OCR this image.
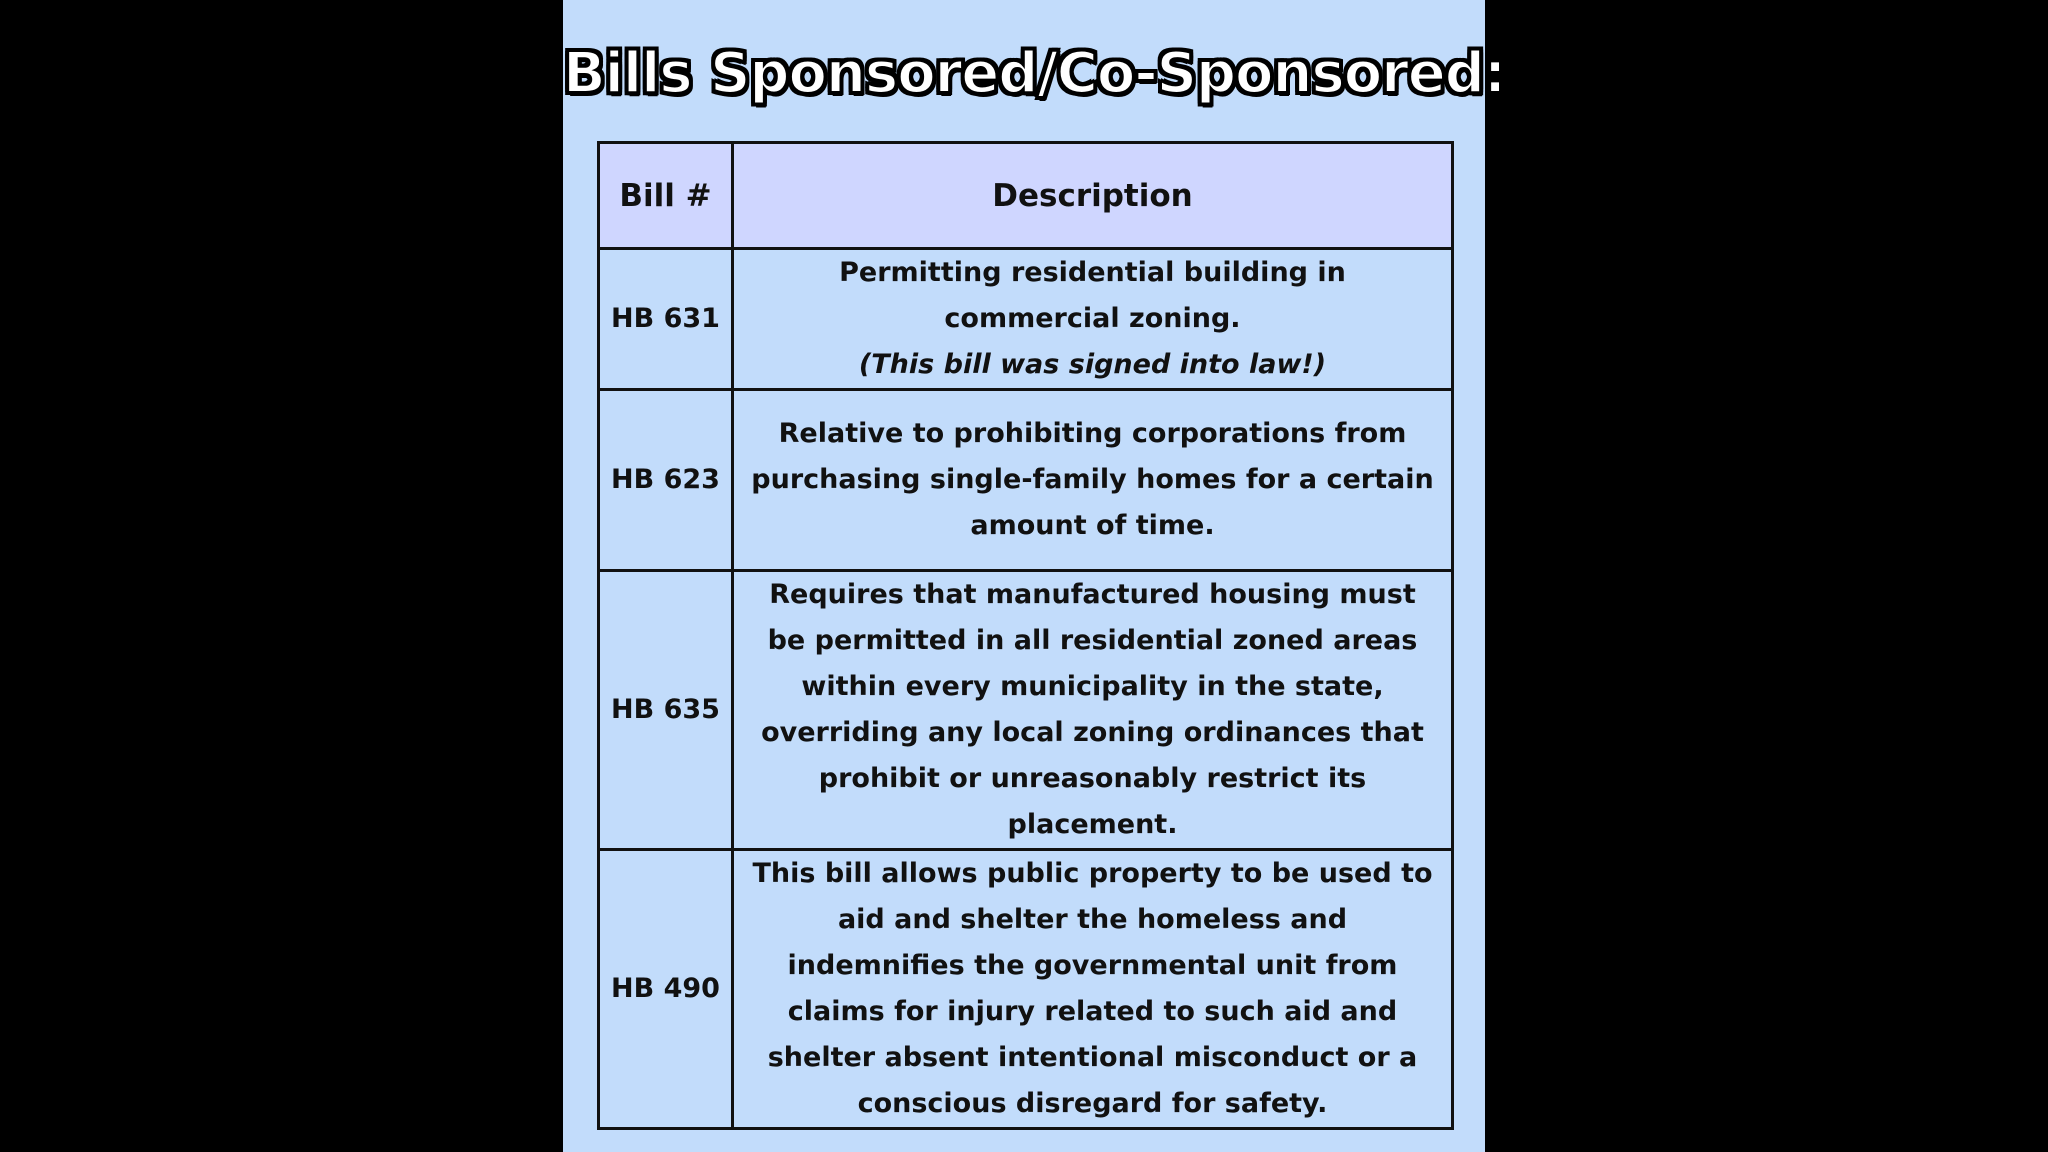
Bills Sponsored/Co-Sponsored:
Bill #	Description
HB 631	Permitting residential building in commercial zoning.
(This bill was signed into law!)

HB 623	Relative to prohibiting corporations from purchasing single-family homes for a certain amount of time.
HB 635	Requires that manufactured housing must be permitted in all residential zoned areas within every municipality in the state, overriding any local zoning ordinances that prohibit or unreasonably restrict its placement.
HB 490	This bill allows public property to be used to aid and shelter the homeless and indemnifies the governmental unit from claims for injury related to such aid and shelter absent intentional misconduct or a conscious disregard for safety.
